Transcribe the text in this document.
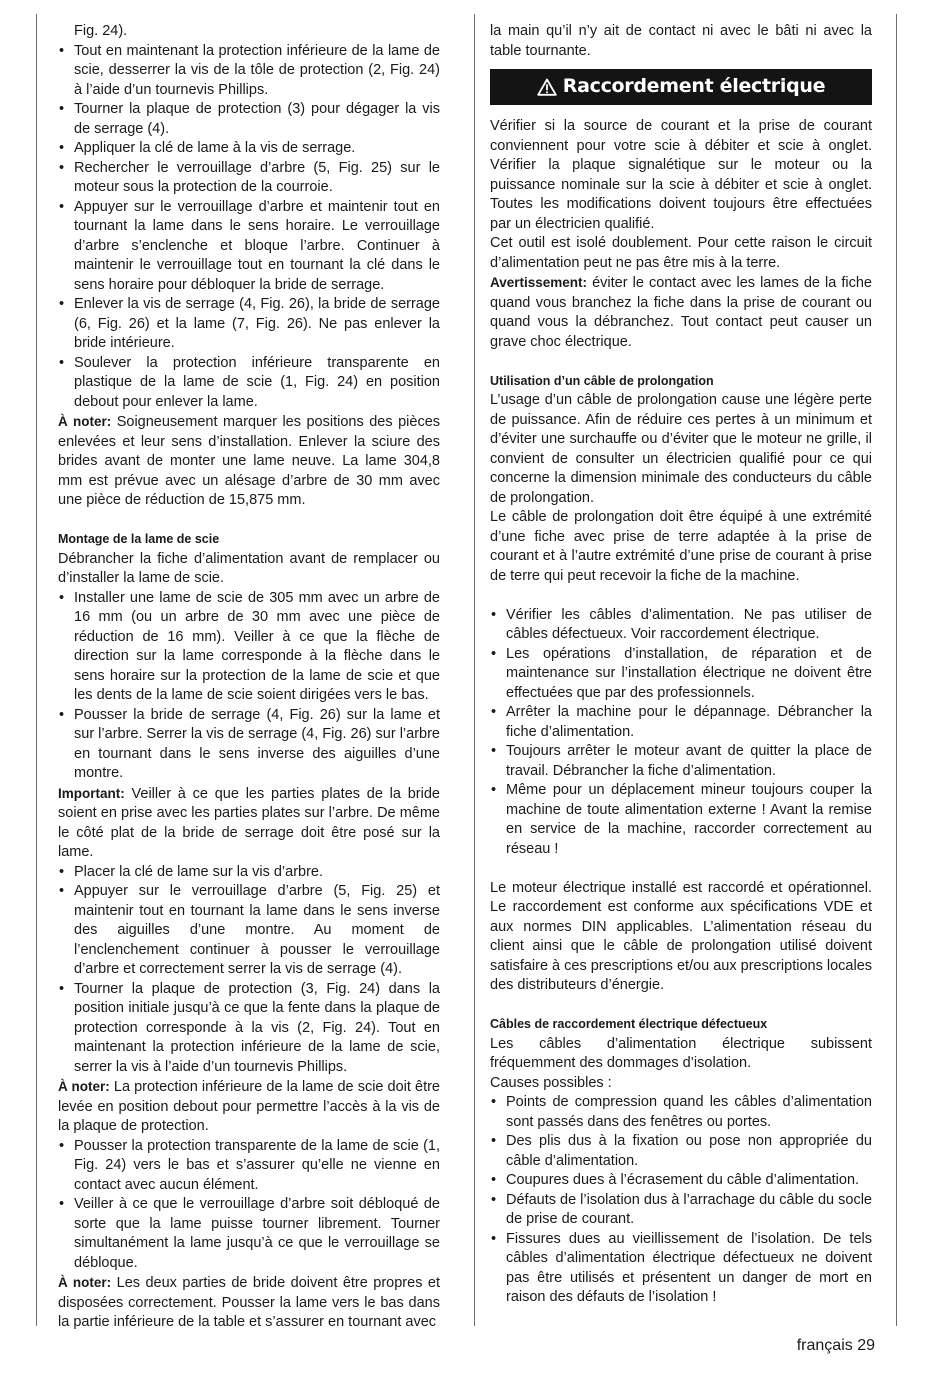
Fig. 24).

• Tout en maintenant la protection inférieure de la lame de scie, desserrer la vis de la tôle de protection (2, Fig. 24) à l’aide d’un tournevis Phillips.
• Tourner la plaque de protection (3) pour dégager la vis de serrage (4).
• Appliquer la clé de lame à la vis de serrage.
• Rechercher le verrouillage d’arbre (5, Fig. 25) sur le moteur sous la protection de la courroie.
• Appuyer sur le verrouillage d’arbre et maintenir tout en tournant la lame dans le sens horaire. Le verrouillage d’arbre s’enclenche et bloque l’arbre. Continuer à maintenir le verrouillage tout en tournant la clé dans le sens horaire pour débloquer la bride de serrage.
• Enlever la vis de serrage (4, Fig. 26), la bride de serrage (6, Fig. 26) et la lame (7, Fig. 26). Ne pas enlever la bride intérieure.
• Soulever la protection inférieure transparente en plastique de la lame de scie (1, Fig. 24) en position debout pour enlever la lame.

À noter: Soigneusement marquer les positions des pièces enlevées et leur sens d’installation. Enlever la sciure des brides avant de monter une lame neuve. La lame 304,8 mm est prévue avec un alésage d’arbre de 30 mm avec une pièce de réduction de 15,875 mm.

Montage de la lame de scie

Débrancher la fiche d’alimentation avant de remplacer ou d’installer la lame de scie.

• Installer une lame de scie de 305 mm avec un arbre de 16 mm (ou un arbre de 30 mm avec une pièce de réduction de 16 mm). Veiller à ce que la flèche de direction sur la lame corresponde à la flèche dans le sens horaire sur la protection de la lame de scie et que les dents de la lame de scie soient dirigées vers le bas.
• Pousser la bride de serrage (4, Fig. 26) sur la lame et sur l’arbre. Serrer la vis de serrage (4, Fig. 26) sur l’arbre en tournant dans le sens inverse des aiguilles d’une montre.

Important: Veiller à ce que les parties plates de la bride soient en prise avec les parties plates sur l’arbre. De même le côté plat de la bride de serrage doit être posé sur la lame.

• Placer la clé de lame sur la vis d’arbre.
• Appuyer sur le verrouillage d’arbre (5, Fig. 25) et maintenir tout en tournant la lame dans le sens inverse des aiguilles d’une montre. Au moment de l’enclenchement continuer à pousser le verrouillage d’arbre et correctement serrer la vis de serrage (4).
• Tourner la plaque de protection (3, Fig. 24) dans la position initiale jusqu’à ce que la fente dans la plaque de protection corresponde à la vis (2, Fig. 24). Tout en maintenant la protection inférieure de la lame de scie, serrer la vis à l’aide d’un tournevis Phillips.

À noter: La protection inférieure de la lame de scie doit être levée en position debout pour permettre l’accès à la vis de la plaque de protection.

• Pousser la protection transparente de la lame de scie (1, Fig. 24) vers le bas et s’assurer qu’elle ne vienne en contact avec aucun élément.
• Veiller à ce que le verrouillage d’arbre soit débloqué de sorte que la lame puisse tourner librement. Tourner simultanément la lame jusqu’à ce que le verrouillage se débloque.

À noter: Les deux parties de bride doivent être propres et disposées correctement. Pousser la lame vers le bas dans la partie inférieure de la table et s’assurer en tournant avec

la main qu’il n’y ait de contact ni avec le bâti ni avec la table tournante.

Raccordement électrique

Vérifier si la source de courant et la prise de courant conviennent pour votre scie à débiter et scie à onglet. Vérifier la plaque signalétique sur le moteur ou la puissance nominale sur la scie à débiter et scie à onglet. Toutes les modifications doivent toujours être effectuées par un électricien qualifié.

Cet outil est isolé doublement. Pour cette raison le circuit d’alimentation peut ne pas être mis à la terre.

Avertissement: éviter le contact avec les lames de la fiche quand vous branchez la fiche dans la prise de courant ou quand vous la débranchez. Tout contact peut causer un grave choc électrique.

Utilisation d’un câble de prolongation

L’usage d’un câble de prolongation cause une légère perte de puissance. Afin de réduire ces pertes à un minimum et d’éviter une surchauffe ou d’éviter que le moteur ne grille, il convient de consulter un électricien qualifié pour ce qui concerne la dimension minimale des conducteurs du câble de prolongation.

Le câble de prolongation doit être équipé à une extrémité d’une fiche avec prise de terre adaptée à la prise de courant et à l’autre extrémité d’une prise de courant à prise de terre qui peut recevoir la fiche de la machine.

• Vérifier les câbles d’alimentation. Ne pas utiliser de câbles défectueux. Voir raccordement électrique.
• Les opérations d’installation, de réparation et de maintenance sur l’installation électrique ne doivent être effectuées que par des professionnels.
• Arrêter la machine pour le dépannage. Débrancher la fiche d’alimentation.
• Toujours arrêter le moteur avant de quitter la place de travail. Débrancher la fiche d’alimentation.
• Même pour un déplacement mineur toujours couper la machine de toute alimentation externe ! Avant la remise en service de la machine, raccorder correctement au réseau !

Le moteur électrique installé est raccordé et opérationnel. Le raccordement est conforme aux spécifications VDE et aux normes DIN applicables. L’alimentation réseau du client ainsi que le câble de prolongation utilisé doivent satisfaire à ces prescriptions et/ou aux prescriptions locales des distributeurs d’énergie.

Câbles de raccordement électrique défectueux

Les câbles d’alimentation électrique subissent fréquemment des dommages d’isolation.

Causes possibles :

• Points de compression quand les câbles d’alimentation sont passés dans des fenêtres ou portes.
• Des plis dus à la fixation ou pose non appropriée du câble d’alimentation.
• Coupures dues à l’écrasement du câble d’alimentation.
• Défauts de l’isolation dus à l’arrachage du câble du socle de prise de courant.
• Fissures dues au vieillissement de l’isolation. De tels câbles d’alimentation électrique défectueux ne doivent pas être utilisés et présentent un danger de mort en raison des défauts de l’isolation !
français 29
